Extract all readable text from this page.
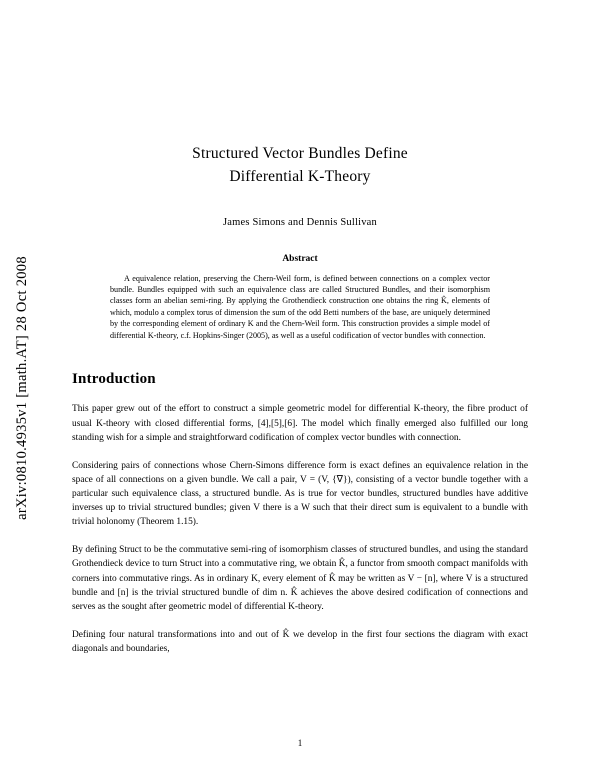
arXiv:0810.4935v1 [math.AT] 28 Oct 2008
Structured Vector Bundles Define
Differential K-Theory
James Simons and Dennis Sullivan
Abstract
A equivalence relation, preserving the Chern-Weil form, is defined between connections on a complex vector bundle. Bundles equipped with such an equivalence class are called Structured Bundles, and their isomorphism classes form an abelian semi-ring. By applying the Grothendieck construction one obtains the ring K̂, elements of which, modulo a complex torus of dimension the sum of the odd Betti numbers of the base, are uniquely determined by the corresponding element of ordinary K and the Chern-Weil form. This construction provides a simple model of differential K-theory, c.f. Hopkins-Singer (2005), as well as a useful codification of vector bundles with connection.
Introduction
This paper grew out of the effort to construct a simple geometric model for differential K-theory, the fibre product of usual K-theory with closed differential forms, [4],[5],[6]. The model which finally emerged also fulfilled our long standing wish for a simple and straightforward codification of complex vector bundles with connection.
Considering pairs of connections whose Chern-Simons difference form is exact defines an equivalence relation in the space of all connections on a given bundle. We call a pair, V = (V, {∇}), consisting of a vector bundle together with a particular such equivalence class, a structured bundle. As is true for vector bundles, structured bundles have additive inverses up to trivial structured bundles; given V there is a W such that their direct sum is equivalent to a bundle with trivial holonomy (Theorem 1.15).
By defining Struct to be the commutative semi-ring of isomorphism classes of structured bundles, and using the standard Grothendieck device to turn Struct into a commutative ring, we obtain K̂, a functor from smooth compact manifolds with corners into commutative rings. As in ordinary K, every element of K̂ may be written as V − [n], where V is a structured bundle and [n] is the trivial structured bundle of dim n. K̂ achieves the above desired codification of connections and serves as the sought after geometric model of differential K-theory.
Defining four natural transformations into and out of K̂ we develop in the first four sections the diagram with exact diagonals and boundaries,
1
